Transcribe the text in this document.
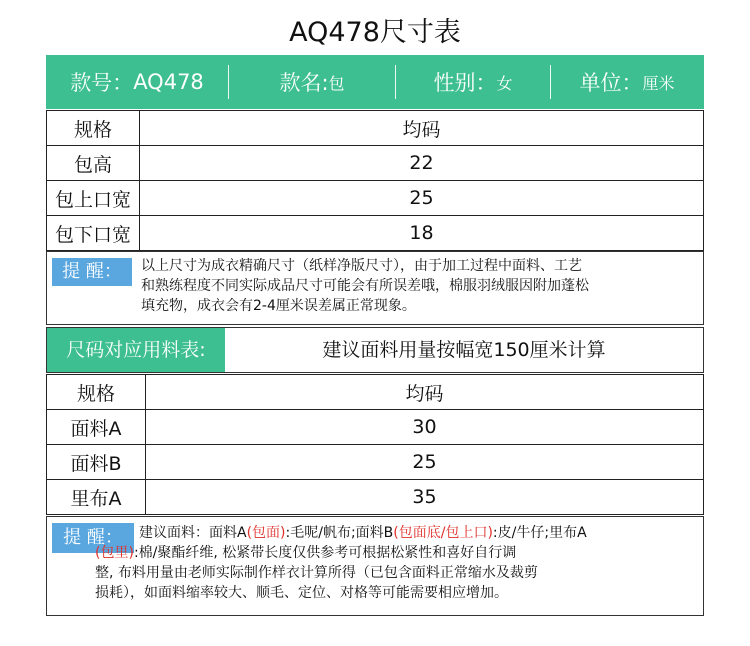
AQ478尺寸表
款号： AQ478	款名: 包	性别： 女	单位： 厘米
规格	均码
包高	22
包上口宽	25
包下口宽	18
提 醒：	以上尺寸为成衣精确尺寸（纸样净版尺寸），由于加工过程中面料、工艺
和熟练程度不同实际成品尺寸可能会有所误差哦，棉服羽绒服因附加蓬松
填充物，成衣会有2-4厘米误差属正常现象。
尺码对应用料表:	建议面料用量按幅宽150厘米计算
规格	均码
面料A	30
面料B	25
里布A	35
提 醒：	建议面料：面料A(包面):毛呢/帆布;面料B(包面底/包上口):皮/牛仔;里布A
(包里):棉/聚酯纤维, 松紧带长度仅供参考可根据松紧性和喜好自行调
整, 布料用量由老师实际制作样衣计算所得（已包含面料正常缩水及裁剪
损耗），如面料缩率较大、顺毛、定位、对格等可能需要相应增加。
